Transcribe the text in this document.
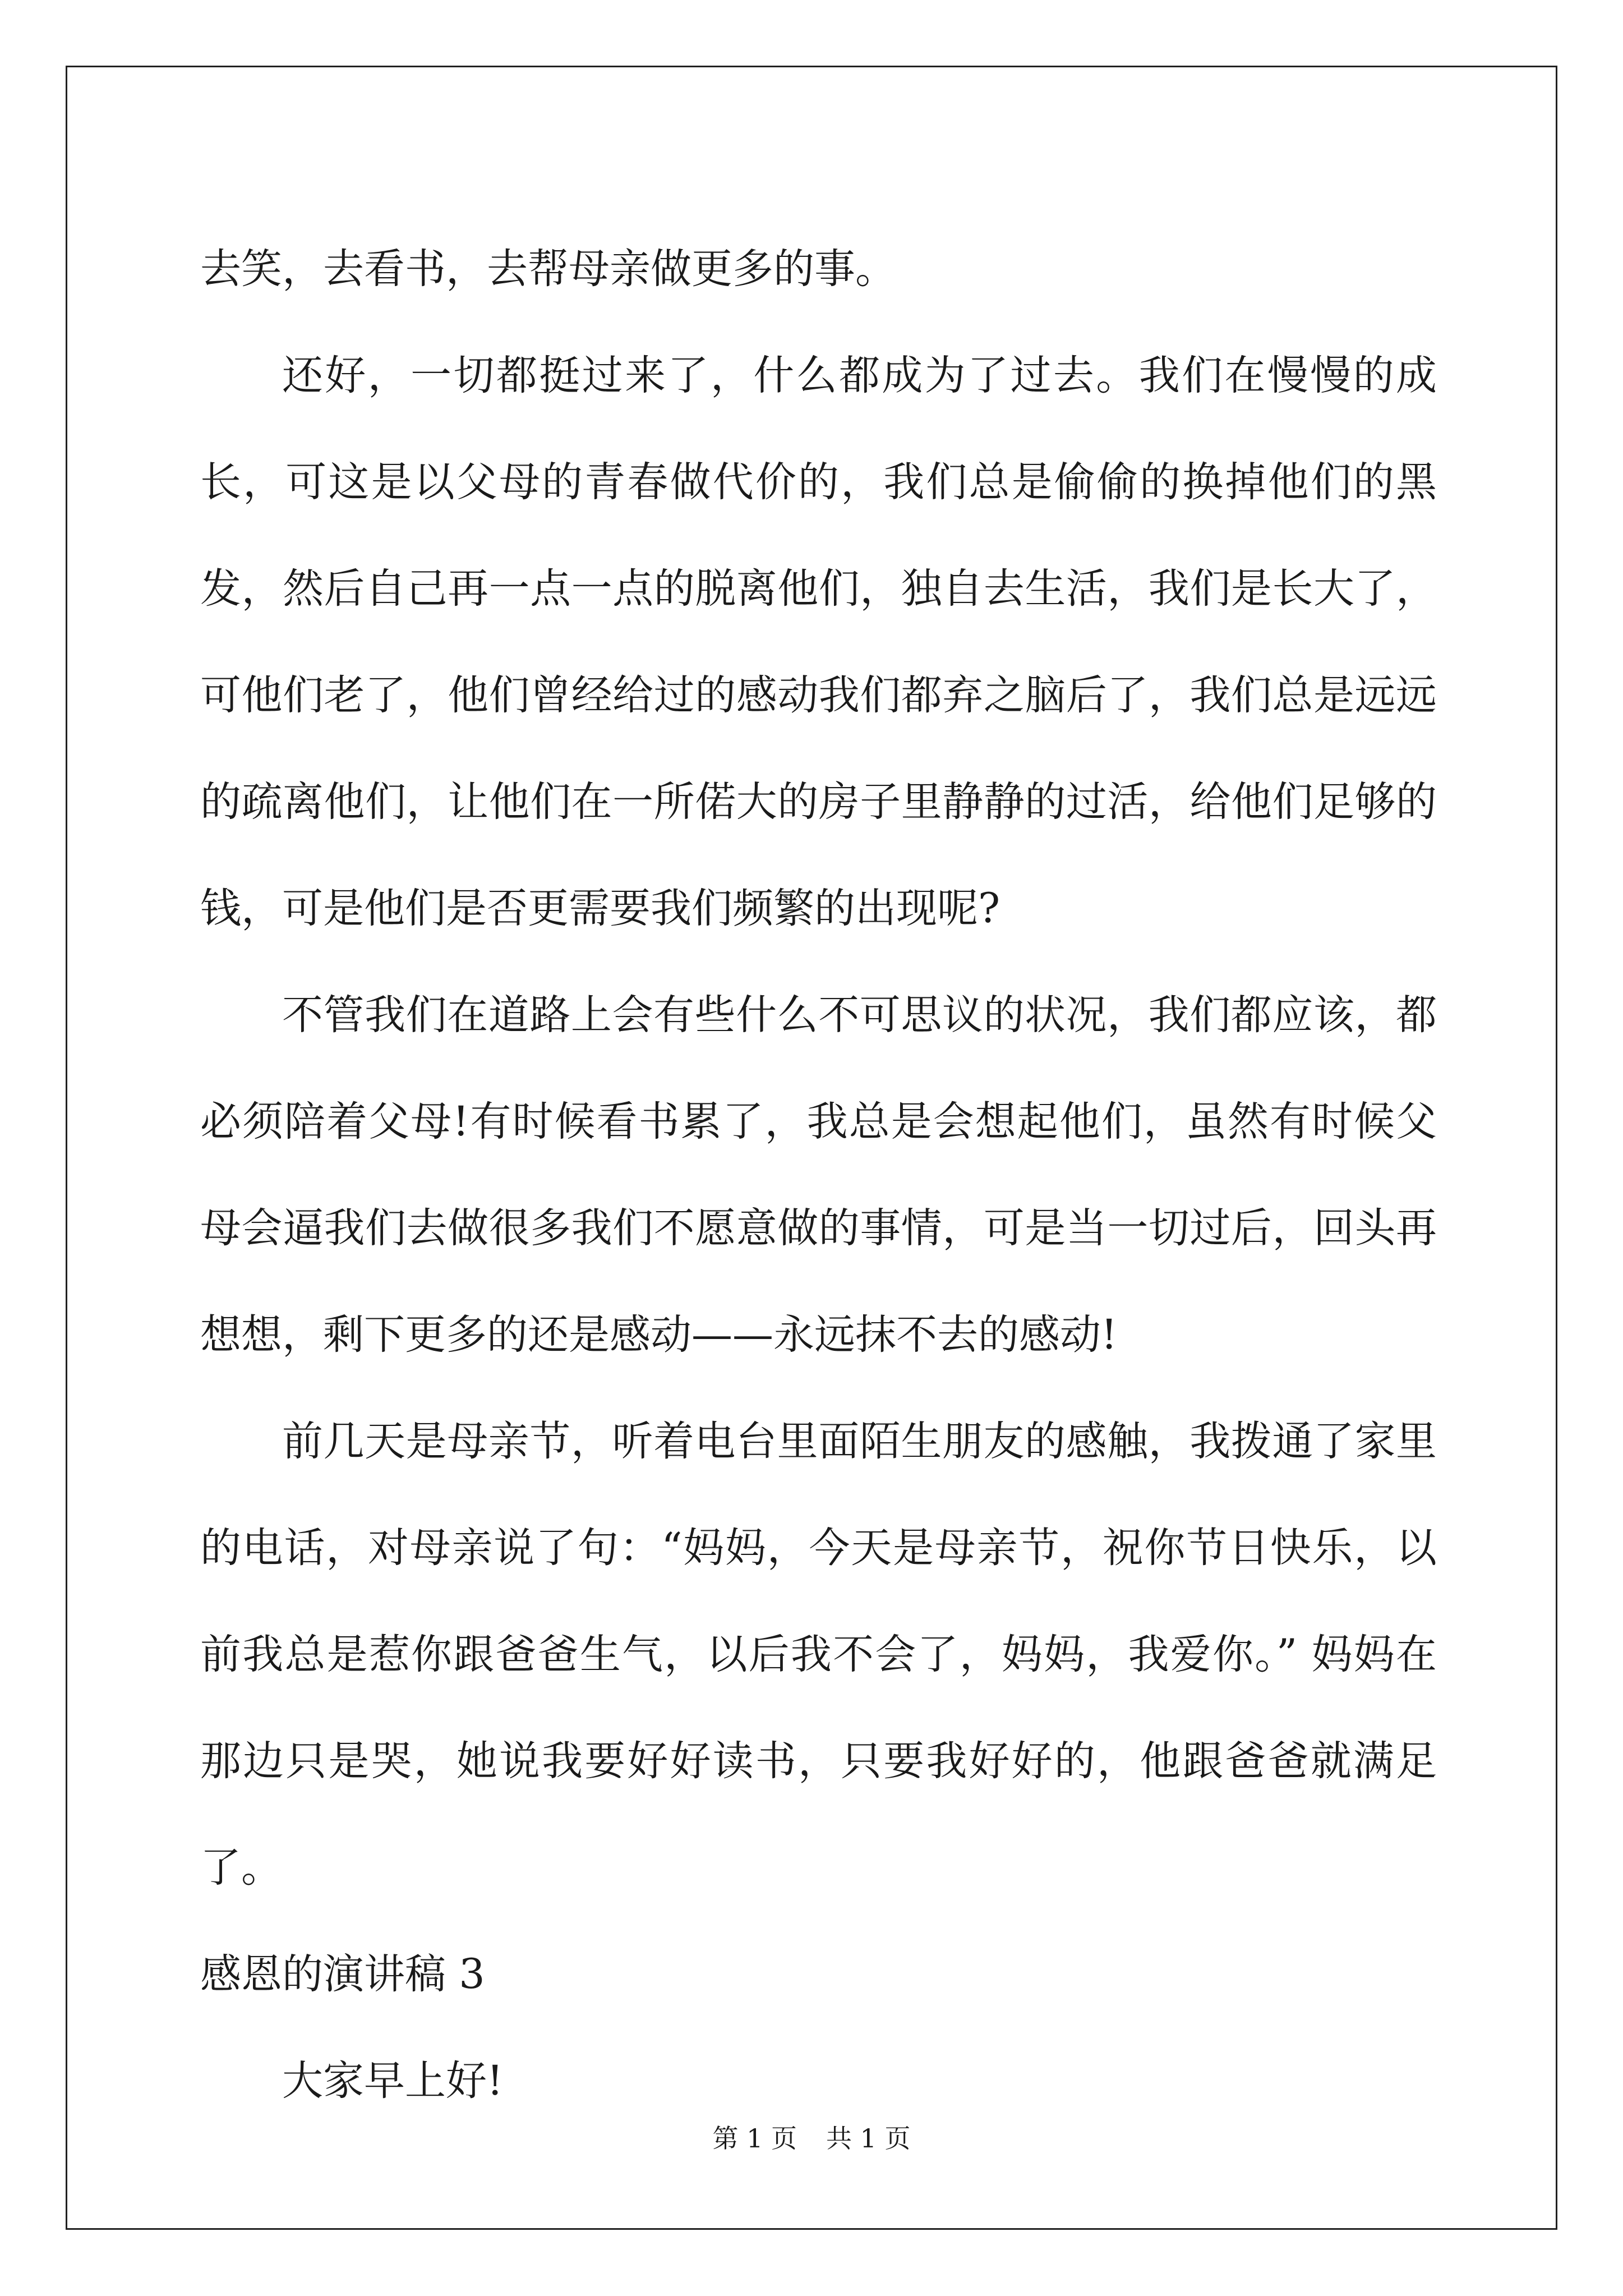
去笑，去看书，去帮母亲做更多的事。

还好，一切都挺过来了，什么都成为了过去。我们在慢慢的成长，可这是以父母的青春做代价的，我们总是偷偷的换掉他们的黑发，然后自己再一点一点的脱离他们，独自去生活，我们是长大了，可他们老了，他们曾经给过的感动我们都弃之脑后了，我们总是远远的疏离他们，让他们在一所偌大的房子里静静的过活，给他们足够的钱，可是他们是否更需要我们频繁的出现呢?

不管我们在道路上会有些什么不可思议的状况，我们都应该，都必须陪着父母!有时候看书累了，我总是会想起他们，虽然有时候父母会逼我们去做很多我们不愿意做的事情，可是当一切过后，回头再想想，剩下更多的还是感动——永远抹不去的感动!

前几天是母亲节，听着电台里面陌生朋友的感触，我拨通了家里的电话，对母亲说了句：“妈妈，今天是母亲节，祝你节日快乐，以前我总是惹你跟爸爸生气，以后我不会了，妈妈，我爱你。” 妈妈在那边只是哭，她说我要好好读书，只要我好好的，他跟爸爸就满足了。

感恩的演讲稿 3

大家早上好!

第 1 页 共 1 页
